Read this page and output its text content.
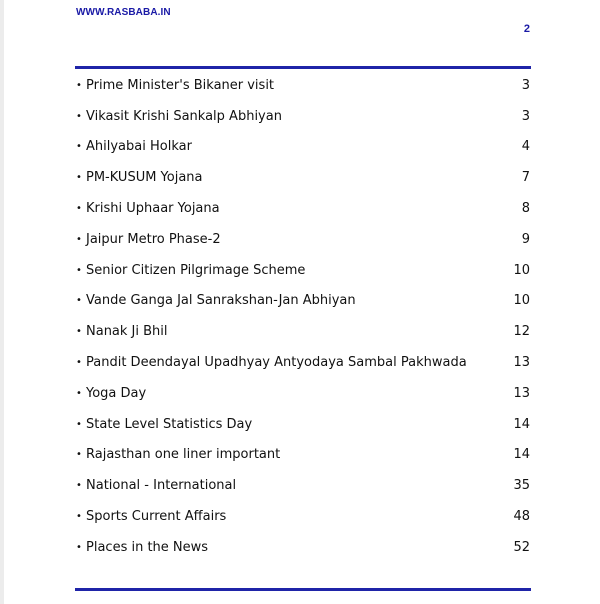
WWW.RASBABA.IN
2
• Prime Minister's Bikaner visit	3
• Vikasit Krishi Sankalp Abhiyan	3
• Ahilyabai Holkar	4
• PM-KUSUM Yojana	7
• Krishi Uphaar Yojana	8
• Jaipur Metro Phase-2	9
• Senior Citizen Pilgrimage Scheme	10
• Vande Ganga Jal Sanrakshan-Jan Abhiyan	10
• Nanak Ji Bhil	12
• Pandit Deendayal Upadhyay Antyodaya Sambal Pakhwada	13
• Yoga Day	13
• State Level Statistics Day	14
• Rajasthan one liner important	14
• National - International	35
• Sports Current Affairs	48
• Places in the News	52
